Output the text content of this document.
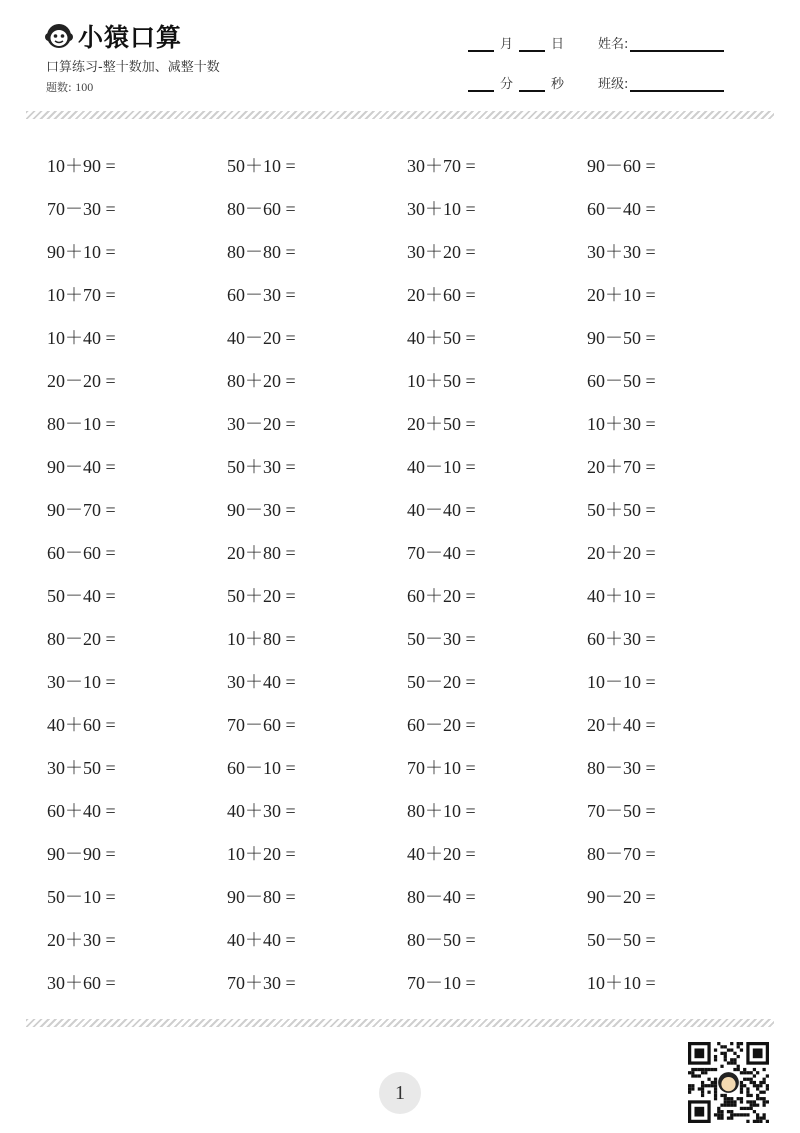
小猿口算
口算练习-整十数加、减整十数
题数: 100
月	日	姓名:
分	秒	班级:
10＋90 =	50＋10 =	30＋70 =	90－60 =
70－30 =	80－60 =	30＋10 =	60－40 =
90＋10 =	80－80 =	30＋20 =	30＋30 =
10＋70 =	60－30 =	20＋60 =	20＋10 =
10＋40 =	40－20 =	40＋50 =	90－50 =
20－20 =	80＋20 =	10＋50 =	60－50 =
80－10 =	30－20 =	20＋50 =	10＋30 =
90－40 =	50＋30 =	40－10 =	20＋70 =
90－70 =	90－30 =	40－40 =	50＋50 =
60－60 =	20＋80 =	70－40 =	20＋20 =
50－40 =	50＋20 =	60＋20 =	40＋10 =
80－20 =	10＋80 =	50－30 =	60＋30 =
30－10 =	30＋40 =	50－20 =	10－10 =
40＋60 =	70－60 =	60－20 =	20＋40 =
30＋50 =	60－10 =	70＋10 =	80－30 =
60＋40 =	40＋30 =	80＋10 =	70－50 =
90－90 =	10＋20 =	40＋20 =	80－70 =
50－10 =	90－80 =	80－40 =	90－20 =
20＋30 =	40＋40 =	80－50 =	50－50 =
30＋60 =	70＋30 =	70－10 =	10＋10 =
1
